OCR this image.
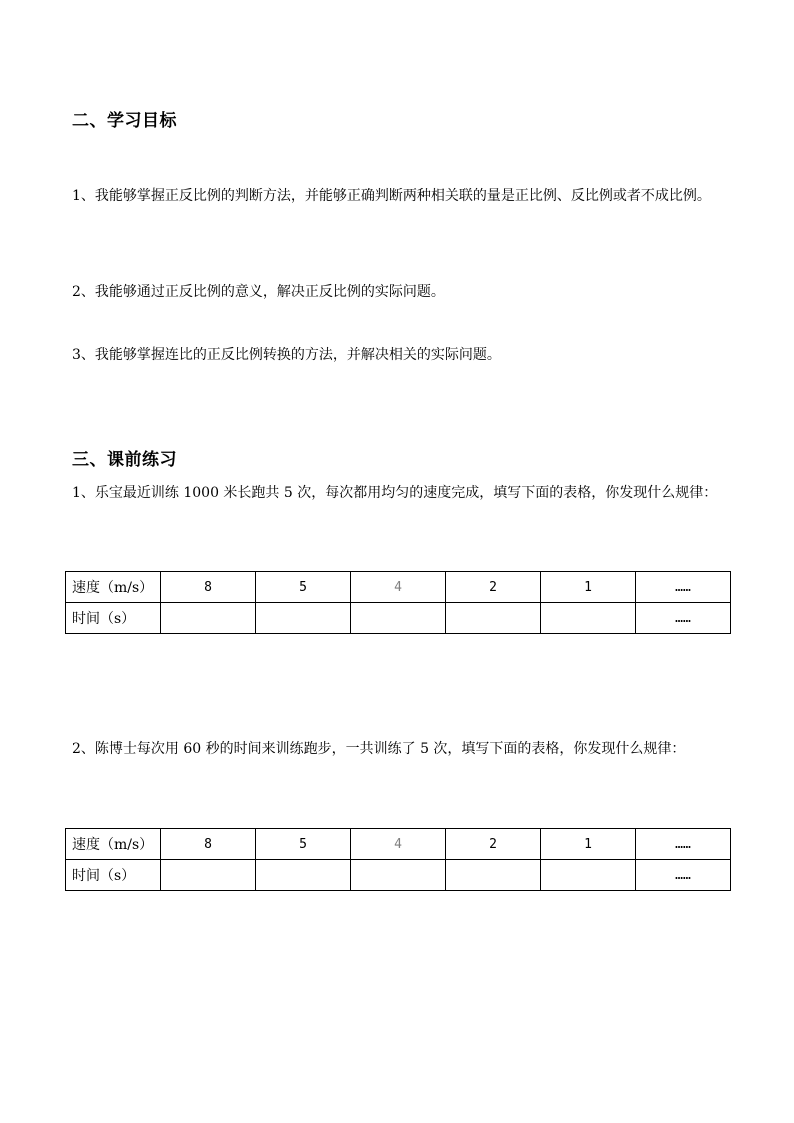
二、学习目标

1、我能够掌握正反比例的判断方法，并能够正确判断两种相关联的量是正比例、反比例或者不成比例。

2、我能够通过正反比例的意义，解决正反比例的实际问题。

3、我能够掌握连比的正反比例转换的方法，并解决相关的实际问题。

三、课前练习

1、乐宝最近训练 1000 米长跑共 5 次，每次都用均匀的速度完成，填写下面的表格，你发现什么规律：

速度（m/s）	8	5	4	2	1	……
时间（s）						……

2、陈博士每次用 60 秒的时间来训练跑步，一共训练了 5 次，填写下面的表格，你发现什么规律：

速度（m/s）	8	5	4	2	1	……
时间（s）						……
